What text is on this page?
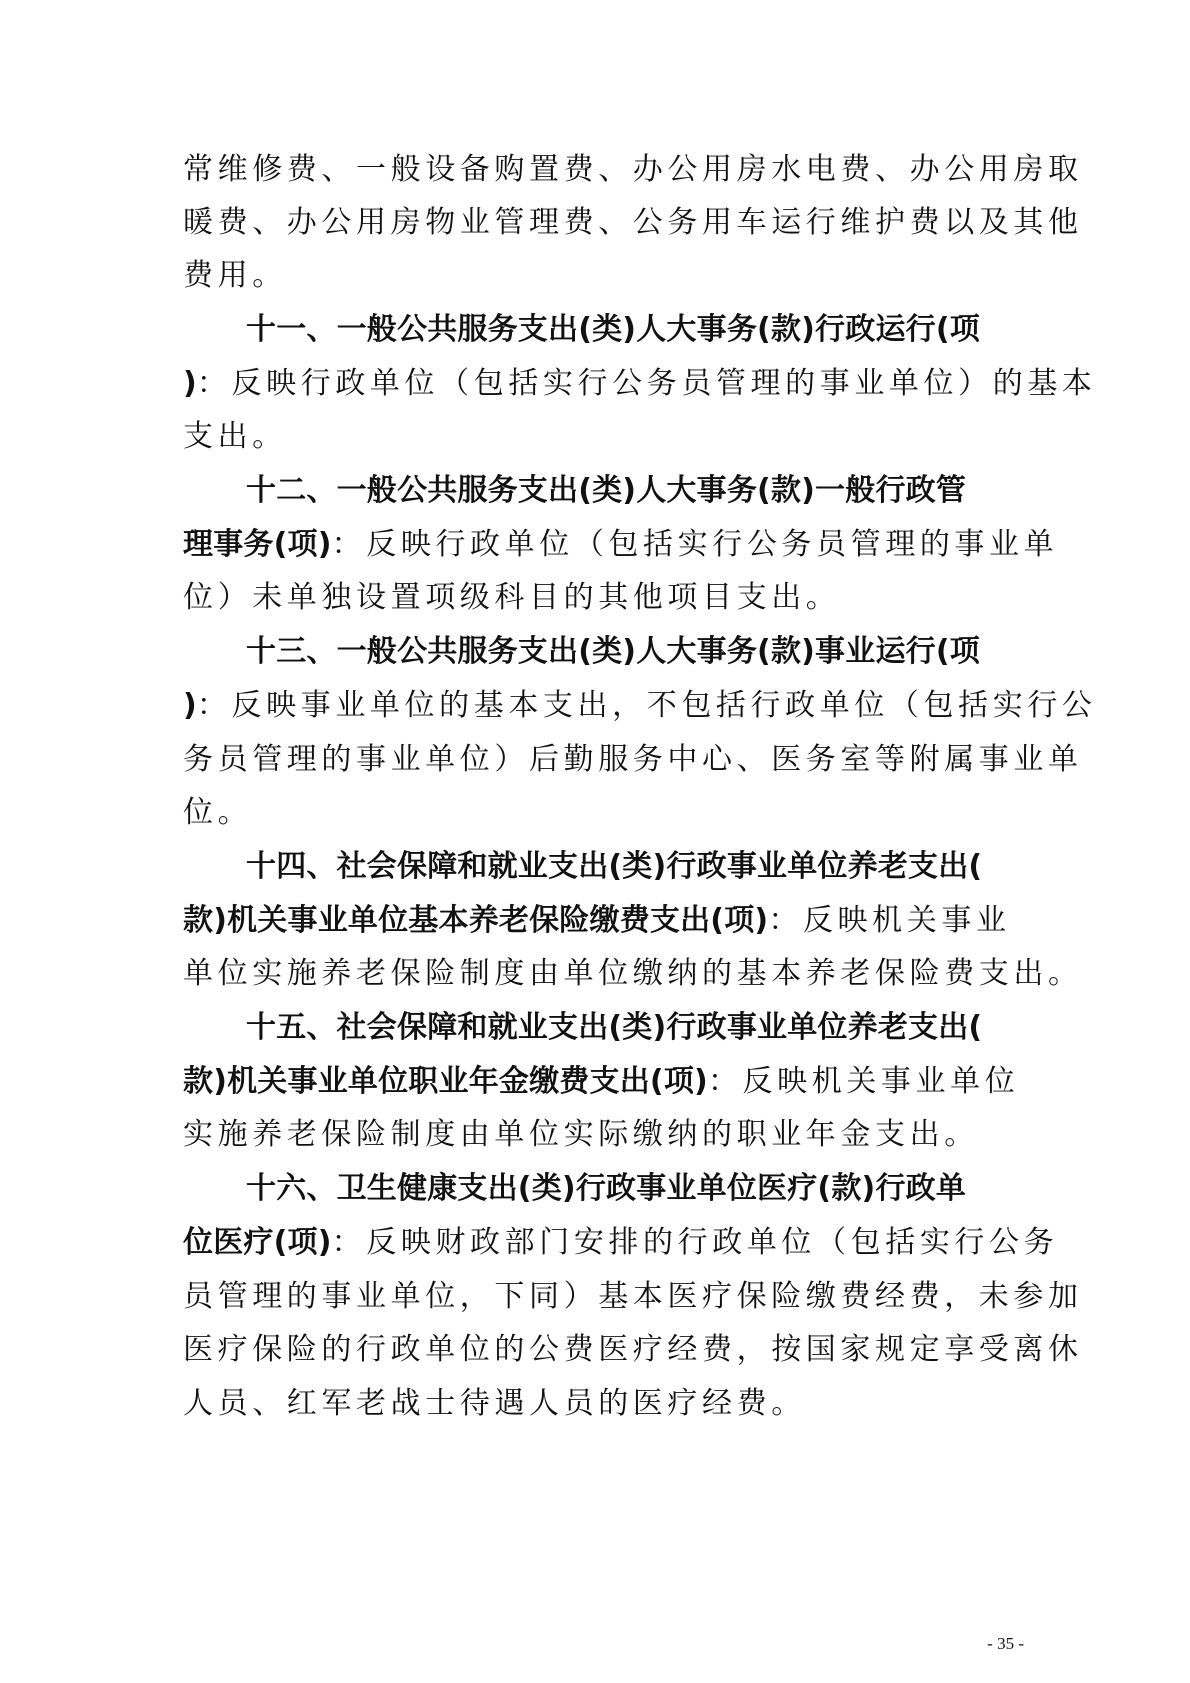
常维修费、一般设备购置费、办公用房水电费、办公用房取
暖费、办公用房物业管理费、公务用车运行维护费以及其他
费用。
十一、一般公共服务支出(类)人大事务(款)行政运行(项
)：反映行政单位（包括实行公务员管理的事业单位）的基本
支出。
十二、一般公共服务支出(类)人大事务(款)一般行政管
理事务(项)：反映行政单位（包括实行公务员管理的事业单
位）未单独设置项级科目的其他项目支出。
十三、一般公共服务支出(类)人大事务(款)事业运行(项
)：反映事业单位的基本支出，不包括行政单位（包括实行公
务员管理的事业单位）后勤服务中心、医务室等附属事业单
位。
十四、社会保障和就业支出(类)行政事业单位养老支出(
款)机关事业单位基本养老保险缴费支出(项)：反映机关事业
单位实施养老保险制度由单位缴纳的基本养老保险费支出。
十五、社会保障和就业支出(类)行政事业单位养老支出(
款)机关事业单位职业年金缴费支出(项)：反映机关事业单位
实施养老保险制度由单位实际缴纳的职业年金支出。
十六、卫生健康支出(类)行政事业单位医疗(款)行政单
位医疗(项)：反映财政部门安排的行政单位（包括实行公务
员管理的事业单位，下同）基本医疗保险缴费经费，未参加
医疗保险的行政单位的公费医疗经费，按国家规定享受离休
人员、红军老战士待遇人员的医疗经费。
- 35 -
